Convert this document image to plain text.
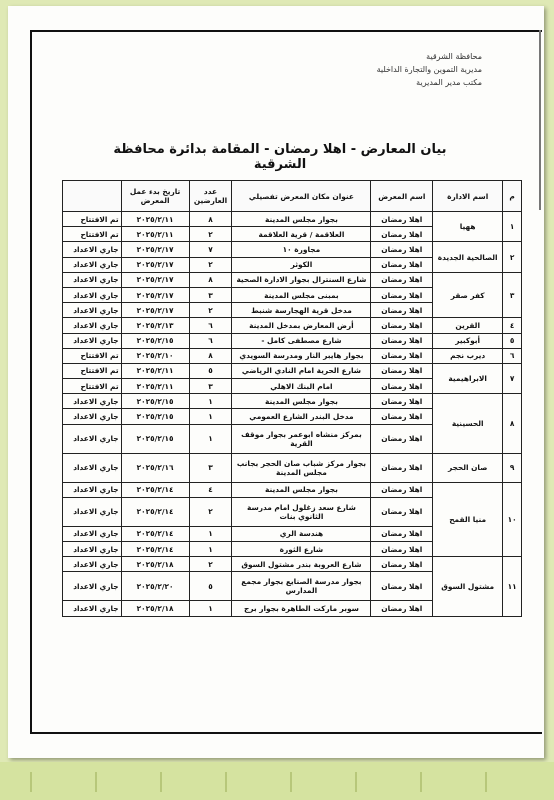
محافظة الشرقية
مديرية التموين والتجارة الداخلية
مكتب مدير المديرية
بيان المعارض - اهلا رمضان - المقامة بدائرة محافظة الشرقية
م	اسم الادارة	اسم المعرض	عنوان مكان المعرض تفصيلي	عدد العارضين	تاريخ بدء عمل المعرض	
١	ههيا	اهلا رمضان	بجوار مجلس المدينة	٨	٢٠٢٥/٢/١١	تم الافتتاح
		اهلا رمضان	العلاقمة / قرية العلاقمة	٢	٢٠٢٥/٢/١١	تم الافتتاح
٢	الصالحية الجديدة	اهلا رمضان	مجاورة ١٠	٧	٢٠٢٥/٢/١٧	جاري الاعداد
		اهلا رمضان	الكوثر	٢	٢٠٢٥/٢/١٧	جاري الاعداد
٣	كفر صقر	اهلا رمضان	شارع السنترال بجوار الادارة الصحية	٨	٢٠٢٥/٢/١٧	جاري الاعداد
		اهلا رمضان	بمبنى مجلس المدينة	٣	٢٠٢٥/٢/١٧	جاري الاعداد
		اهلا رمضان	مدخل قرية الهجارسة شنبط	٢	٢٠٢٥/٢/١٧	جاري الاعداد
٤	القرين	اهلا رمضان	أرض المعارض بمدخل المدينة	٦	٢٠٢٥/٢/١٣	جاري الاعداد
٥	أبوكبير	اهلا رمضان	شارع مصطفى كامل -	٦	٢٠٢٥/٢/١٥	جاري الاعداد
٦	ديرب نجم	اهلا رمضان	بجوار هايبر النار ومدرسة السويدي	٨	٢٠٢٥/٢/١٠	تم الافتتاح
٧	الابراهيمية	اهلا رمضان	شارع الحرية امام النادي الرياضي	٥	٢٠٢٥/٢/١١	تم الافتتاح
		اهلا رمضان	امام البنك الاهلي	٣	٢٠٢٥/٢/١١	تم الافتتاح
٨	الحسينية	اهلا رمضان	بجوار مجلس المدينة	١	٢٠٢٥/٢/١٥	جاري الاعداد
		اهلا رمضان	مدخل البندر الشارع العمومي	١	٢٠٢٥/٢/١٥	جاري الاعداد
		اهلا رمضان	بمركز منشاه ابوعمر بجوار موقف القرية	١	٢٠٢٥/٢/١٥	جاري الاعداد
٩	صان الحجر	اهلا رمضان	بجوار مركز شباب صان الحجر بجانب مجلس المدينة	٣	٢٠٢٥/٢/١٦	جاري الاعداد
١٠	منيا القمح	اهلا رمضان	بجوار مجلس المدينة	٤	٢٠٢٥/٢/١٤	جاري الاعداد
		اهلا رمضان	شارع سعد زغلول امام مدرسة الثانوي بنات	٢	٢٠٢٥/٢/١٤	جاري الاعداد
		اهلا رمضان	هندسة الري	١	٢٠٢٥/٢/١٤	جاري الاعداد
		اهلا رمضان	شارع الثورة	١	٢٠٢٥/٢/١٤	جاري الاعداد
١١	مشتول السوق	اهلا رمضان	شارع العروبة بندر مشتول السوق	٢	٢٠٢٥/٢/١٨	جاري الاعداد
		اهلا رمضان	بجوار مدرسة الصنايع بجوار مجمع المدارس	٥	٢٠٢٥/٢/٢٠	جاري الاعداد
		اهلا رمضان	سوبر ماركت الطاهرة بجوار برج	١	٢٠٢٥/٢/١٨	جاري الاعداد
